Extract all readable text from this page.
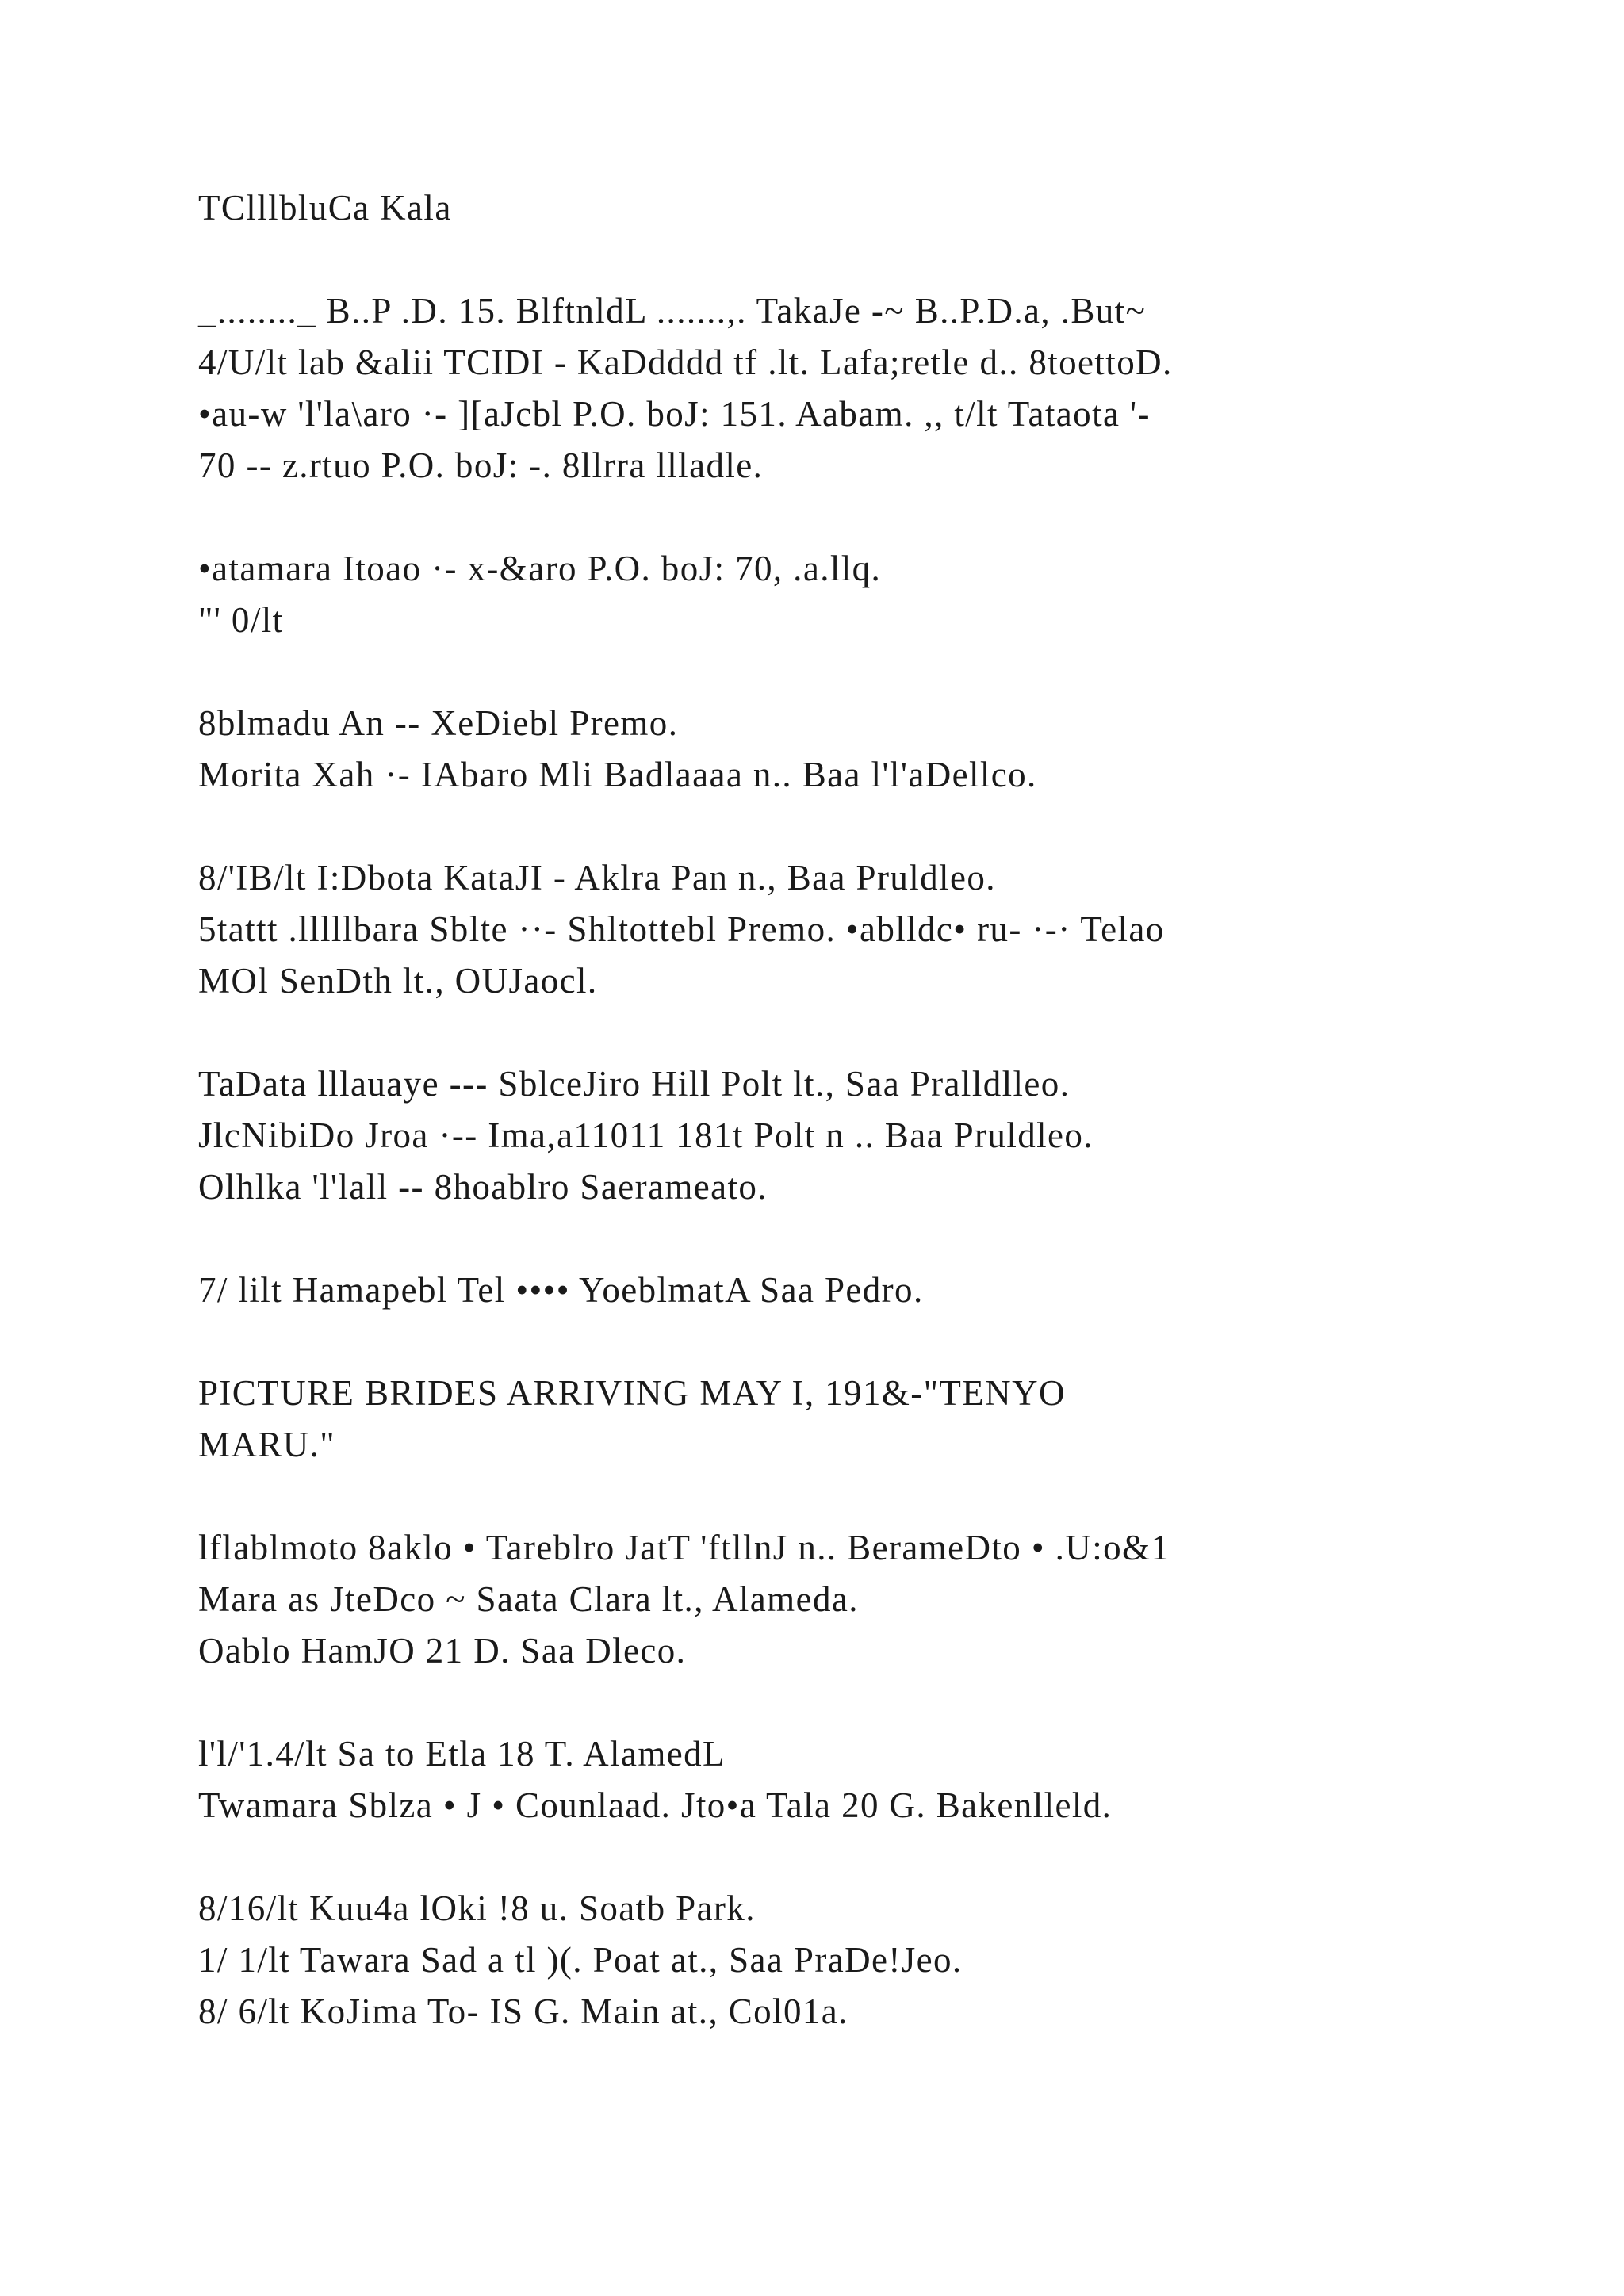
TClllbluCa Kala
_........_ B..P .D. 15. BlftnldL .......,. TakaJe -~ B..P.D.a, .But~
4/U/lt lab &alii TCIDI - KaDdddd tf .lt. Lafa;retle d.. 8toettoD.
•au-w 'l'la\aro ·- ][aJcbl P.O. boJ: 151. Aabam. ,, t/lt Tataota '-
70 -- z.rtuo P.O. boJ: -. 8llrra llladle.
•atamara Itoao ·- x-&aro P.O. boJ: 70, .a.llq.
"' 0/lt
8blmadu An -- XeDiebl Premo.
Morita Xah ·- IAbaro Mli Badlaaaa n.. Baa l'l'aDellco.
8/'IB/lt I:Dbota KataJI - Aklra Pan n., Baa Pruldleo.
5tattt .lllllbara Sblte ··- Shltottebl Premo. •ablldc• ru- ·-· Telao
MOl SenDth lt., OUJaocl.
TaData lllauaye --- SblceJiro Hill Polt lt., Saa Pralldlleo.
JlcNibiDo Jroa ·-- Ima,a11011 181t Polt n .. Baa Pruldleo.
Olhlka 'l'lall -- 8hoablro Saerameato.
7/ lilt Hamapebl Tel •••• YoeblmatA Saa Pedro.
PICTURE BRIDES ARRIVING MAY I, 191&-"TENYO
MARU."
lflablmoto 8aklo • Tareblro JatT 'ftllnJ n.. BerameDto • .U:o&1
Mara as JteDco ~ Saata Clara lt., Alameda.
Oablo HamJO 21 D. Saa Dleco.
l'l/'1.4/lt Sa to Etla 18 T. AlamedL
Twamara Sblza • J • Counlaad. Jto•a Tala 20 G. Bakenlleld.
8/16/lt Kuu4a lOki !8 u. Soatb Park.
1/ 1/lt Tawara Sad a tl )(. Poat at., Saa PraDe!Jeo.
8/ 6/lt KoJima To- IS G. Main at., Col01a.
